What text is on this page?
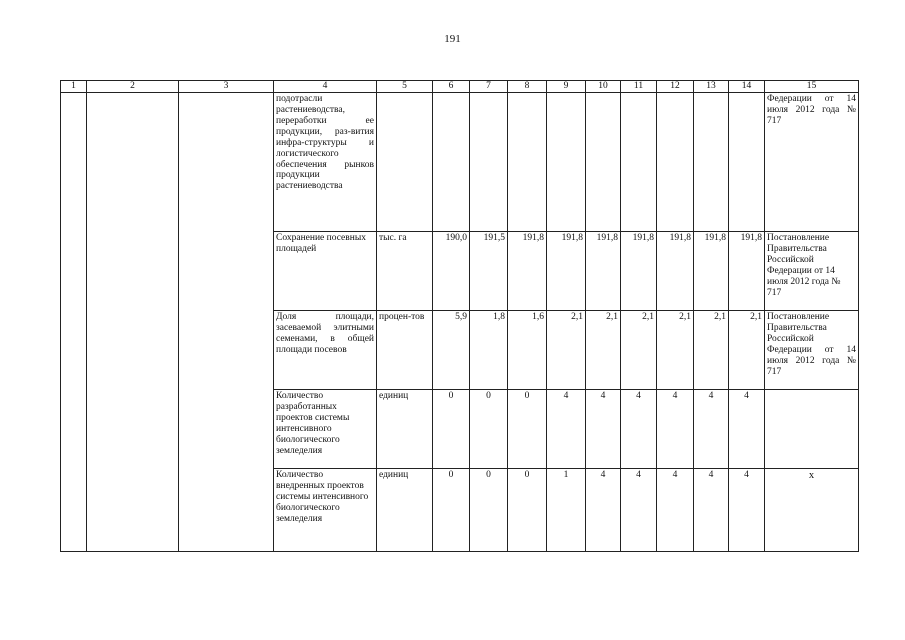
191
1	2	3	4	5	6	7	8	9	10	11	12	13	14	15
			подотрасли растениеводства, переработки ее продукции, раз-вития инфра-структуры и логистического обеспечения рынков продукции растениеводства											Федерации от 14 июля 2012 года № 717
			Сохранение посевных площадей	тыс. га	190,0	191,5	191,8	191,8	191,8	191,8	191,8	191,8	191,8	Постановление Правительства Российской Федерации от 14 июля 2012 года № 717
			Доля площади, засеваемой элитными семенами, в общей площади посевов	процен-тов	5,9	1,8	1,6	2,1	2,1	2,1	2,1	2,1	2,1	Постановление Правительства Российской Федерации от 14 июля 2012 года № 717
			Количество разработанных проектов системы интенсивного биологического земледелия	единиц	0	0	0	4	4	4	4	4	4	
			Количество внедренных проектов системы интенсивного биологического земледелия	единиц	0	0	0	1	4	4	4	4	4	х
